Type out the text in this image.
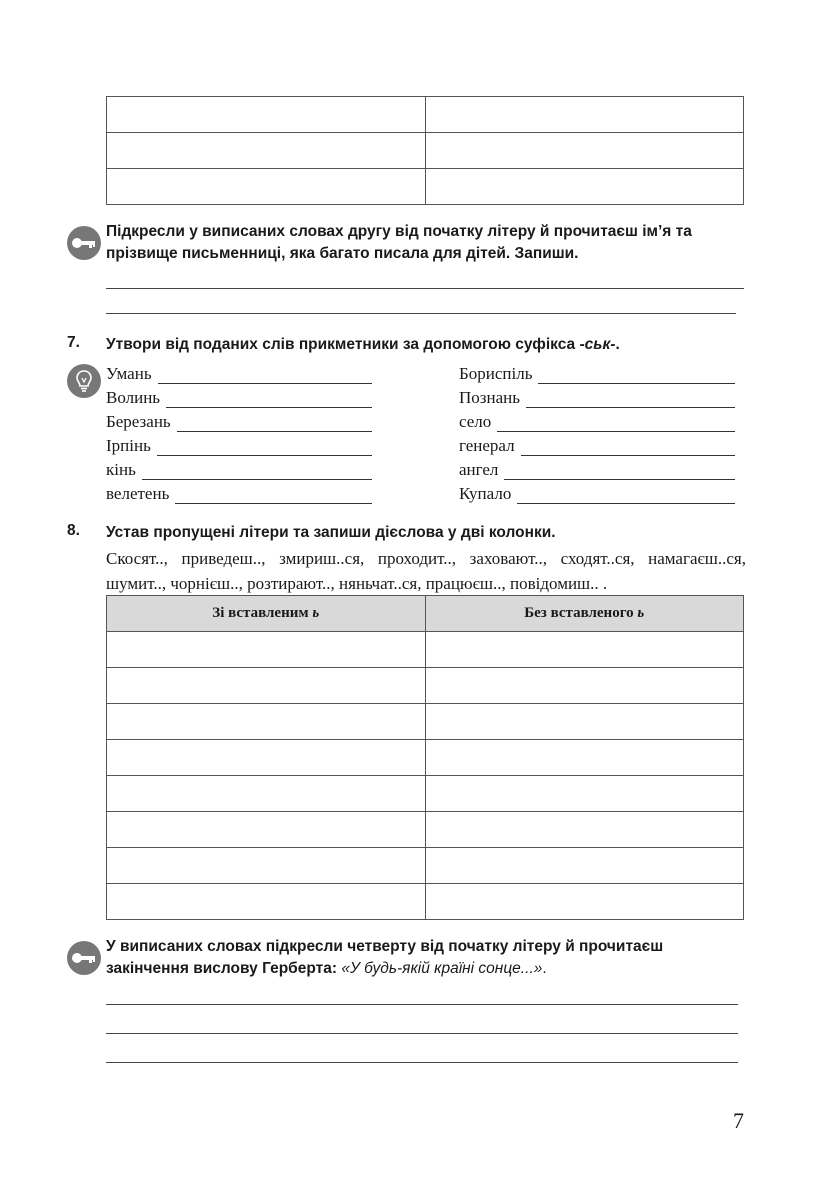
Підкресли у виписаних словах другу від початку літеру й прочитаєш ім’я та прізвище письменниці, яка багато писала для дітей. Запиши.
7. Утвори від поданих слів прикметники за допомогою суфікса -ськ-.
Умань
Волинь
Березань
Ірпінь
кінь
велетень
Бориспіль
Познань
село
генерал
ангел
Купало
8. Устав пропущені літери та запиши дієслова у дві колонки.
Скосят.., приведеш.., змириш..ся, проходит.., заховают.., сходят..ся, намагаєш..ся, шумит.., чорнієш.., розтирают.., няньчат..ся, працюєш.., повідомиш.. .
Зі вставленим ь	Без вставленого ь

У виписаних словах підкресли четверту від початку літеру й прочитаєш закінчення вислову Герберта: «У будь-якій країні сонце...».
7
